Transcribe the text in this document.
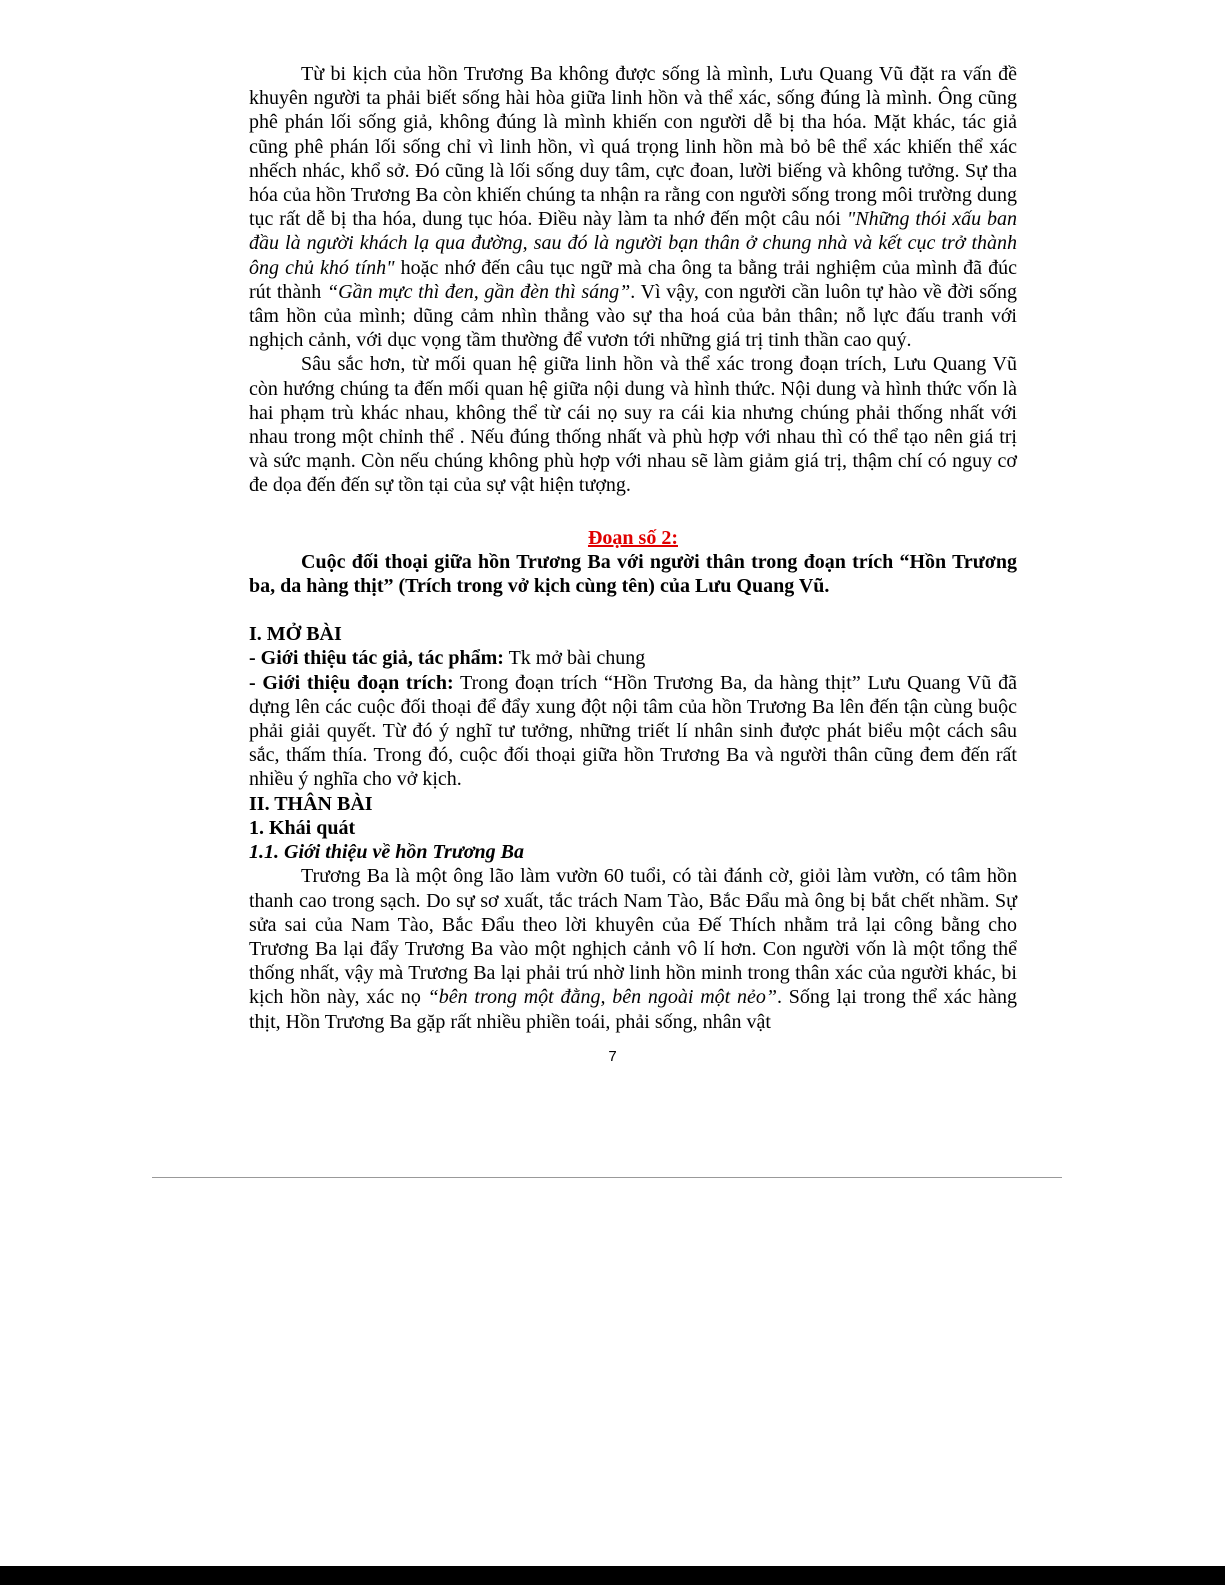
Từ bi kịch của hồn Trương Ba không được sống là mình, Lưu Quang Vũ đặt ra vấn đề khuyên người ta phải biết sống hài hòa giữa linh hồn và thể xác, sống đúng là mình. Ông cũng phê phán lối sống giả, không đúng là mình khiến con người dễ bị tha hóa. Mặt khác, tác giả cũng phê phán lối sống chỉ vì linh hồn, vì quá trọng linh hồn mà bỏ bê thể xác khiến thể xác nhếch nhác, khổ sở. Đó cũng là lối sống duy tâm, cực đoan, lười biếng và không tưởng. Sự tha hóa của hồn Trương Ba còn khiến chúng ta nhận ra rằng con người sống trong môi trường dung tục rất dễ bị tha hóa, dung tục hóa. Điều này làm ta nhớ đến một câu nói "Những thói xấu ban đầu là người khách lạ qua đường, sau đó là người bạn thân ở chung nhà và kết cục trở thành ông chủ khó tính" hoặc nhớ đến câu tục ngữ mà cha ông ta bằng trải nghiệm của mình đã đúc rút thành “Gần mực thì đen, gần đèn thì sáng”. Vì vậy, con người cần luôn tự hào về đời sống tâm hồn của mình; dũng cảm nhìn thẳng vào sự tha hoá của bản thân; nỗ lực đấu tranh với nghịch cảnh, với dục vọng tầm thường để vươn tới những giá trị tinh thần cao quý.

Sâu sắc hơn, từ mối quan hệ giữa linh hồn và thể xác trong đoạn trích, Lưu Quang Vũ còn hướng chúng ta đến mối quan hệ giữa nội dung và hình thức. Nội dung và hình thức vốn là hai phạm trù khác nhau, không thể từ cái nọ suy ra cái kia nhưng chúng phải thống nhất với nhau trong một chỉnh thể . Nếu đúng thống nhất và phù hợp với nhau thì có thể tạo nên giá trị và sức mạnh. Còn nếu chúng không phù hợp với nhau sẽ làm giảm giá trị, thậm chí có nguy cơ đe dọa đến đến sự tồn tại của sự vật hiện tượng.

Đoạn số 2:

Cuộc đối thoại giữa hồn Trương Ba với người thân trong đoạn trích “Hồn Trương ba, da hàng thịt” (Trích trong vở kịch cùng tên) của Lưu Quang Vũ.

I. MỞ BÀI

- Giới thiệu tác giả, tác phẩm: Tk mở bài chung

- Giới thiệu đoạn trích: Trong đoạn trích “Hồn Trương Ba, da hàng thịt” Lưu Quang Vũ đã dựng lên các cuộc đối thoại để đẩy xung đột nội tâm của hồn Trương Ba lên đến tận cùng buộc phải giải quyết. Từ đó ý nghĩ tư tưởng, những triết lí nhân sinh được phát biểu một cách sâu sắc, thấm thía. Trong đó, cuộc đối thoại giữa hồn Trương Ba và người thân cũng đem đến rất nhiều ý nghĩa cho vở kịch.

II. THÂN BÀI

1. Khái quát

1.1. Giới thiệu về hồn Trương Ba

Trương Ba là một ông lão làm vườn 60 tuổi, có tài đánh cờ, giỏi làm vườn, có tâm hồn thanh cao trong sạch. Do sự sơ xuất, tắc trách Nam Tào, Bắc Đẩu mà ông bị bắt chết nhầm. Sự sửa sai của Nam Tào, Bắc Đẩu theo lời khuyên của Đế Thích nhằm trả lại công bằng cho Trương Ba lại đẩy Trương Ba vào một nghịch cảnh vô lí hơn. Con người vốn là một tổng thể thống nhất, vậy mà Trương Ba lại phải trú nhờ linh hồn minh trong thân xác của người khác, bi kịch hồn này, xác nọ “bên trong một đằng, bên ngoài một nẻo”. Sống lại trong thể xác hàng thịt, Hồn Trương Ba gặp rất nhiều phiền toái, phải sống, nhân vật

7
